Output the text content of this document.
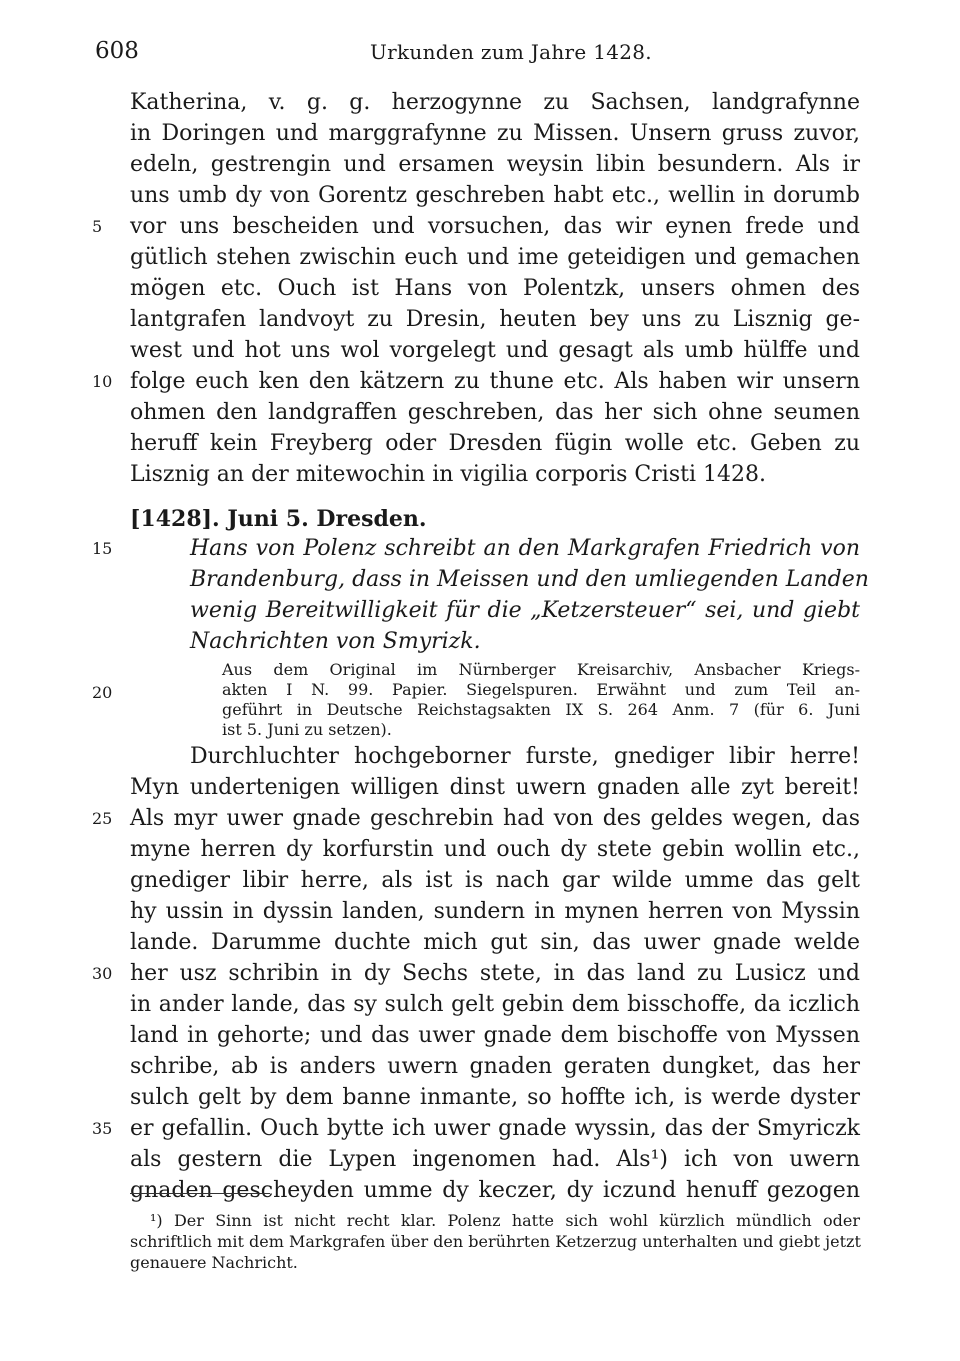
608	Urkunden zum Jahre 1428.
Katherina, v. g. g. herzogynne zu Sachsen, landgrafynne
in Doringen und marggrafynne zu Missen. Unsern gruss zuvor,
edeln, gestrengin und ersamen weysin libin besundern. Als ir
uns umb dy von Gorentz geschreben habt etc., wellin in dorumb
vor uns bescheiden und vorsuchen, das wir eynen frede und
gütlich stehen zwischin euch und ime geteidigen und gemachen
mögen etc. Ouch ist Hans von Polentzk, unsers ohmen des
lantgrafen landvoyt zu Dresin, heuten bey uns zu Lisznig ge-
west und hot uns wol vorgelegt und gesagt als umb hülffe und
folge euch ken den kätzern zu thune etc. Als haben wir unsern
ohmen den landgraffen geschreben, das her sich ohne seumen
heruff kein Freyberg oder Dresden fügin wolle etc. Geben zu
Lisznig an der mitewochin in vigilia corporis Cristi 1428.
[1428]. Juni 5. Dresden.
Hans von Polenz schreibt an den Markgrafen Friedrich von
Brandenburg, dass in Meissen und den umliegenden Landen
wenig Bereitwilligkeit für die „Ketzersteuer“ sei, und giebt
Nachrichten von Smyrizk.
Aus dem Original im Nürnberger Kreisarchiv, Ansbacher Kriegs-
akten I N. 99. Papier. Siegelspuren. Erwähnt und zum Teil an-
geführt in Deutsche Reichstagsakten IX S. 264 Anm. 7 (für 6. Juni
ist 5. Juni zu setzen).
Durchluchter hochgeborner furste, gnediger libir herre!
Myn undertenigen willigen dinst uwern gnaden alle zyt bereit!
Als myr uwer gnade geschrebin had von des geldes wegen, das
myne herren dy korfurstin und ouch dy stete gebin wollin etc.,
gnediger libir herre, als ist is nach gar wilde umme das gelt
hy ussin in dyssin landen, sundern in mynen herren von Myssin
lande. Darumme duchte mich gut sin, das uwer gnade welde
her usz schribin in dy Sechs stete, in das land zu Lusicz und
in ander lande, das sy sulch gelt gebin dem bisschoffe, da iczlich
land in gehorte; und das uwer gnade dem bischoffe von Myssen
schribe, ab is anders uwern gnaden geraten dungket, das her
sulch gelt by dem banne inmante, so hoffte ich, is werde dyster
er gefallin. Ouch bytte ich uwer gnade wyssin, das der Smyriczk
als gestern die Lypen ingenomen had. Als¹) ich von uwern
gnaden gescheyden umme dy keczer, dy iczund henuff gezogen
¹) Der Sinn ist nicht recht klar. Polenz hatte sich wohl kürzlich mündlich oder
schriftlich mit dem Markgrafen über den berührten Ketzerzug unterhalten und giebt jetzt
genauere Nachricht.
5
10
15
20
25
30
35
